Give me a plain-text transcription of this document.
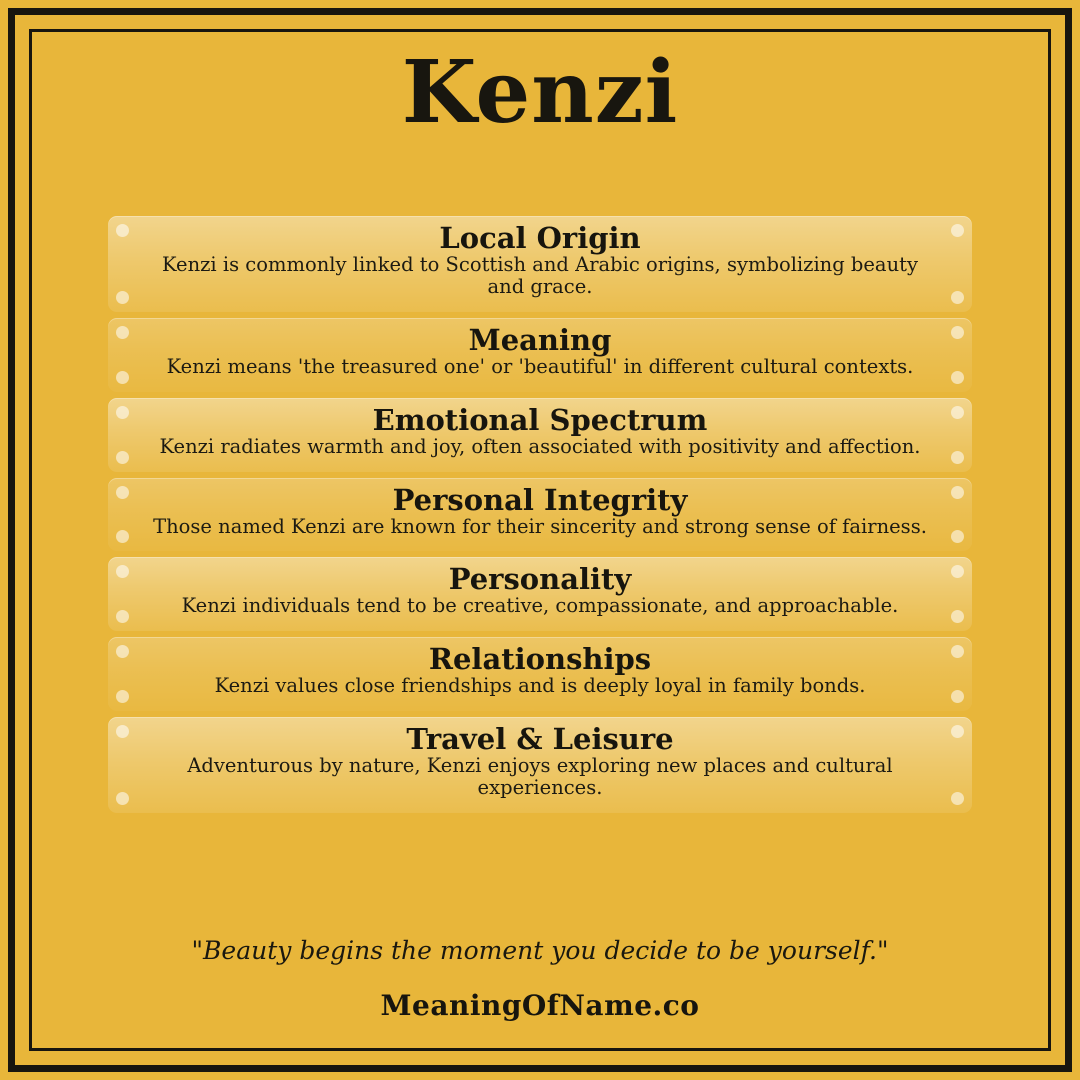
Kenzi
Local Origin
Kenzi is commonly linked to Scottish and Arabic origins, symbolizing beauty and grace.
Meaning
Kenzi means 'the treasured one' or 'beautiful' in different cultural contexts.
Emotional Spectrum
Kenzi radiates warmth and joy, often associated with positivity and affection.
Personal Integrity
Those named Kenzi are known for their sincerity and strong sense of fairness.
Personality
Kenzi individuals tend to be creative, compassionate, and approachable.
Relationships
Kenzi values close friendships and is deeply loyal in family bonds.
Travel & Leisure
Adventurous by nature, Kenzi enjoys exploring new places and cultural experiences.

"Beauty begins the moment you decide to be yourself."

MeaningOfName.co
